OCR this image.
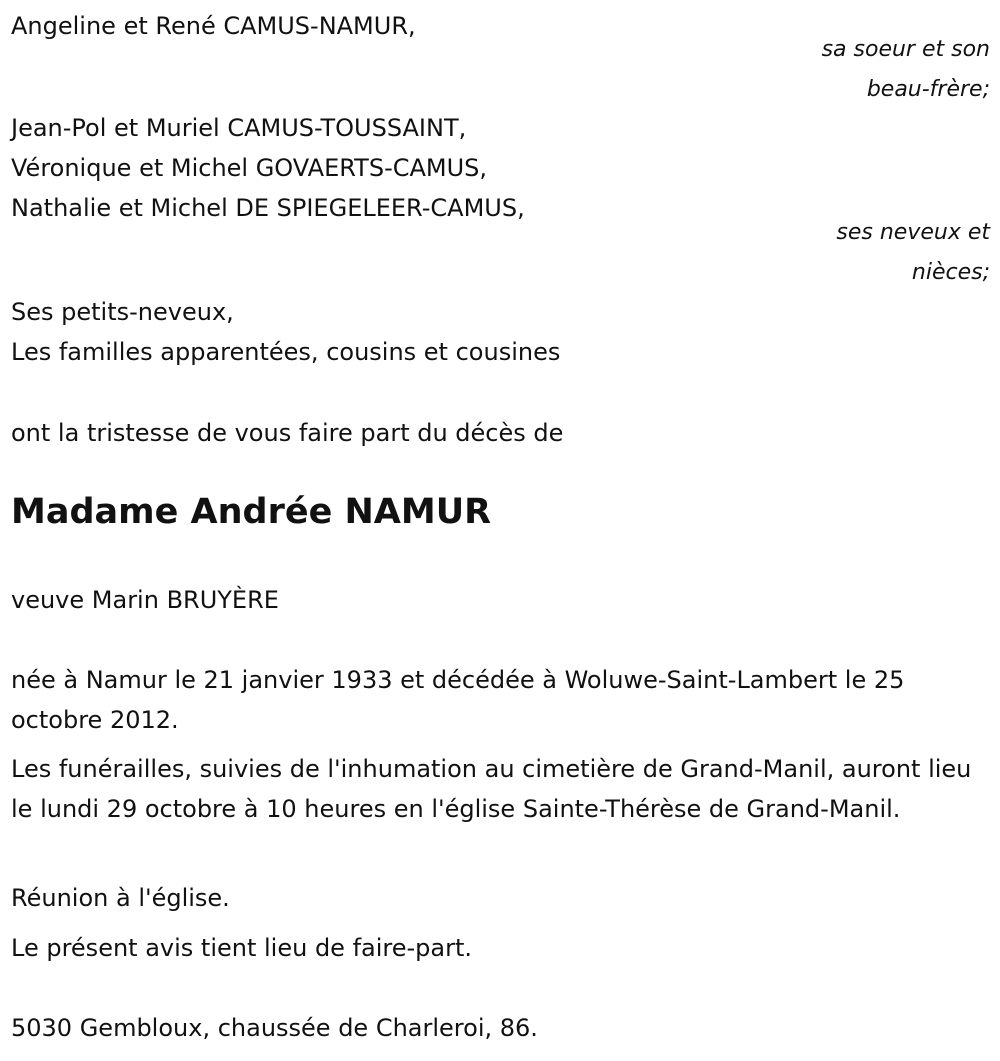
Angeline et René CAMUS-NAMUR,
sa soeur et son
beau-frère;
Jean-Pol et Muriel CAMUS-TOUSSAINT,
Véronique et Michel GOVAERTS-CAMUS,
Nathalie et Michel DE SPIEGELEER-CAMUS,
ses neveux et
nièces;
Ses petits-neveux,
Les familles apparentées, cousins et cousines
ont la tristesse de vous faire part du décès de
Madame Andrée NAMUR
veuve Marin BRUYÈRE

née à Namur le 21 janvier 1933 et décédée à Woluwe-Saint-Lambert le 25 octobre 2012.

Les funérailles, suivies de l'inhumation au cimetière de Grand-Manil, auront lieu le lundi 29 octobre à 10 heures en l'église Sainte-Thérèse de Grand-Manil.

Réunion à l'église.
Le présent avis tient lieu de faire-part.
5030 Gembloux, chaussée de Charleroi, 86.
